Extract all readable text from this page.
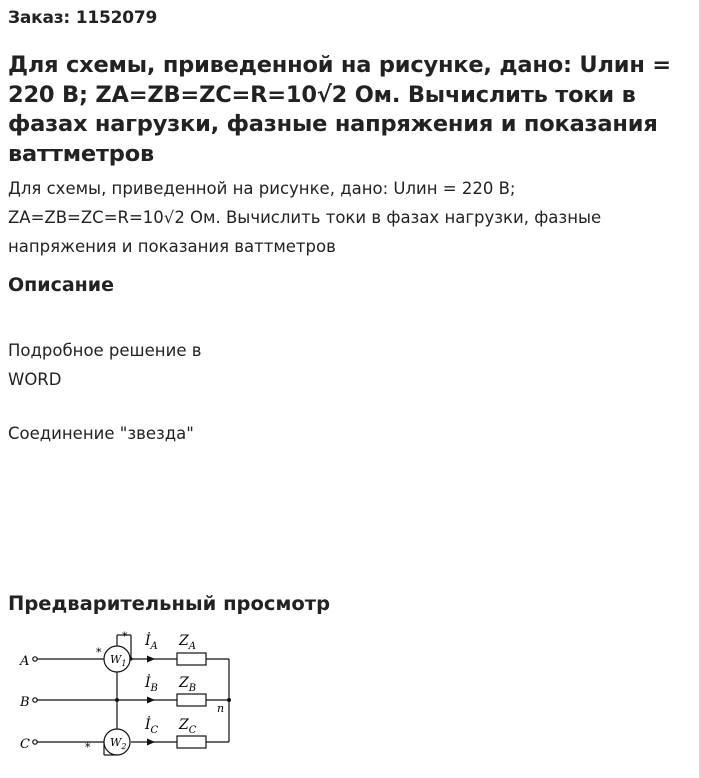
Заказ: 1152079
Для схемы, приведенной на рисунке, дано: Uлин = 220 В; ZA=ZB=ZC=R=10√2 Ом. Вычислить токи в фазах нагрузки, фазные напряжения и показания ваттметров
Для схемы, приведенной на рисунке, дано: Uлин = 220 В; ZA=ZB=ZC=R=10√2 Ом. Вычислить токи в фазах нагрузки, фазные напряжения и показания ваттметров
Описание
Подробное решение в
WORD
Соединение "звезда"
Предварительный просмотр
A
B
C
$İ_A$
$İ_B$
$İ_C$
$Z_A$
$Z_B$
$Z_C$
$W_1$
$W_2$
n
*
*
*
